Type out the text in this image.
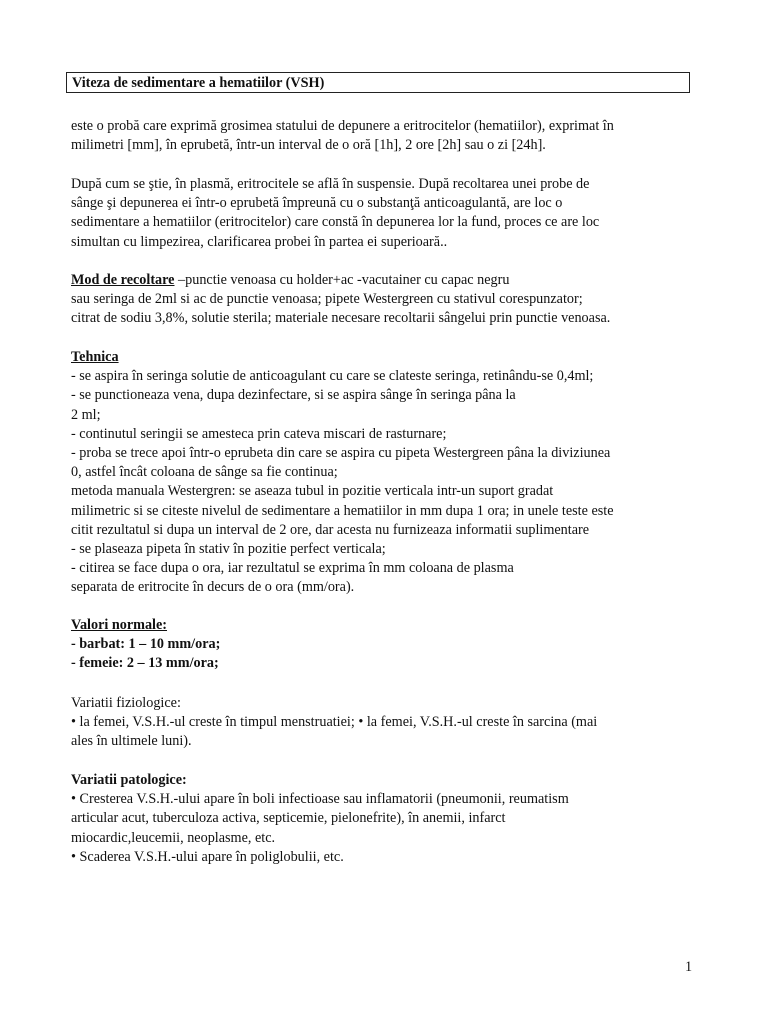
Viteza de sedimentare a hematiilor (VSH)
este o probă care exprimă grosimea statului de depunere a eritrocitelor (hematiilor), exprimat în
milimetri [mm], în eprubetă, într-un interval de o oră [1h], 2 ore [2h] sau o zi [24h].
După cum se ştie, în plasmă, eritrocitele se află în suspensie. După recoltarea unei probe de
sânge şi depunerea ei într-o eprubetă împreună cu o substanţă anticoagulantă, are loc o
sedimentare a hematiilor (eritrocitelor) care constă în depunerea lor la fund, proces ce are loc
simultan cu limpezirea, clarificarea probei în partea ei superioară..
Mod de recoltare –punctie venoasa cu holder+ac -vacutainer cu capac negru
sau seringa de 2ml si ac de punctie venoasa; pipete Westergreen cu stativul corespunzator;
citrat de sodiu 3,8%, solutie sterila; materiale necesare recoltarii sângelui prin punctie venoasa.
Tehnica
- se aspira în seringa solutie de anticoagulant cu care se clateste seringa, retinându-se 0,4ml;
- se punctioneaza vena, dupa dezinfectare, si se aspira sânge în seringa pâna la
2 ml;
- continutul seringii se amesteca prin cateva miscari de rasturnare;
- proba se trece apoi într-o eprubeta din care se aspira cu pipeta Westergreen pâna la diviziunea
0, astfel încât coloana de sânge sa fie continua;
metoda manuala Westergren: se aseaza tubul in pozitie verticala intr-un suport gradat
milimetric si se citeste nivelul de sedimentare a hematiilor in mm dupa 1 ora; in unele teste este
citit rezultatul si dupa un interval de 2 ore, dar acesta nu furnizeaza informatii suplimentare
- se plaseaza pipeta în stativ în pozitie perfect verticala;
- citirea se face dupa o ora, iar rezultatul se exprima în mm coloana de plasma
separata de eritrocite în decurs de o ora (mm/ora).
Valori normale:
- barbat: 1 – 10 mm/ora;
- femeie: 2 – 13 mm/ora;
Variatii fiziologice:
• la femei, V.S.H.-ul creste în timpul menstruatiei; • la femei, V.S.H.-ul creste în sarcina (mai
ales în ultimele luni).
Variatii patologice:
• Cresterea V.S.H.-ului apare în boli infectioase sau inflamatorii (pneumonii, reumatism
articular acut, tuberculoza activa, septicemie, pielonefrite), în anemii, infarct
miocardic,leucemii, neoplasme, etc.
• Scaderea V.S.H.-ului apare în poliglobulii, etc.
1
